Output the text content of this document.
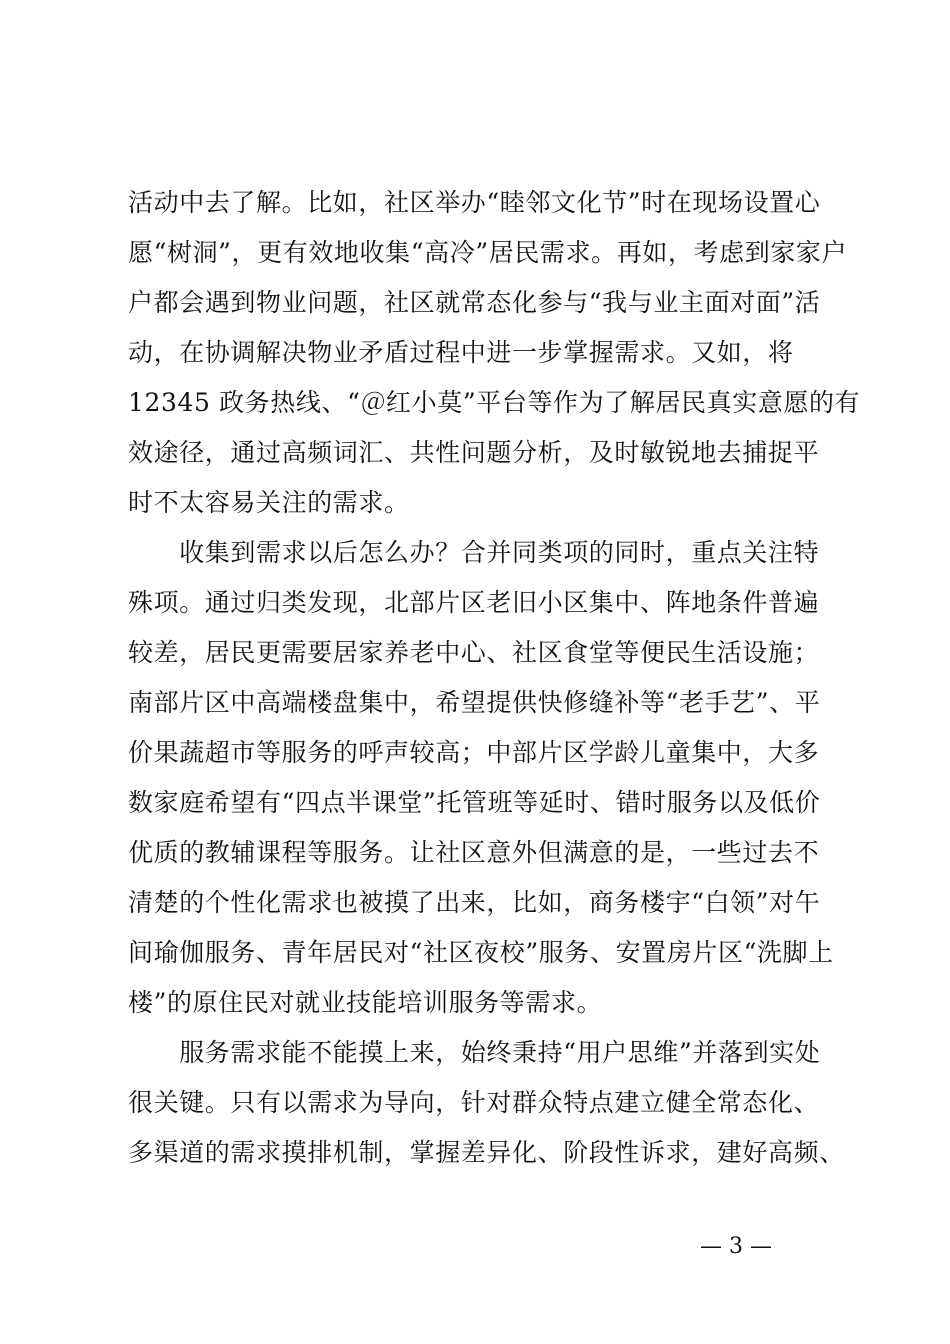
活动中去了解。比如，社区举办“睦邻文化节”时在现场设置心
愿“树洞”，更有效地收集“高冷”居民需求。再如，考虑到家家户
户都会遇到物业问题，社区就常态化参与“我与业主面对面”活
动，在协调解决物业矛盾过程中进一步掌握需求。又如，将
12345 政务热线、“＠红小莫”平台等作为了解居民真实意愿的有
效途径，通过高频词汇、共性问题分析，及时敏锐地去捕捉平
时不太容易关注的需求。
　　收集到需求以后怎么办？合并同类项的同时，重点关注特
殊项。通过归类发现，北部片区老旧小区集中、阵地条件普遍
较差，居民更需要居家养老中心、社区食堂等便民生活设施；
南部片区中高端楼盘集中，希望提供快修缝补等“老手艺”、平
价果蔬超市等服务的呼声较高；中部片区学龄儿童集中，大多
数家庭希望有“四点半课堂”托管班等延时、错时服务以及低价
优质的教辅课程等服务。让社区意外但满意的是，一些过去不
清楚的个性化需求也被摸了出来，比如，商务楼宇“白领”对午
间瑜伽服务、青年居民对“社区夜校”服务、安置房片区“洗脚上
楼”的原住民对就业技能培训服务等需求。
　　服务需求能不能摸上来，始终秉持“用户思维”并落到实处
很关键。只有以需求为导向，针对群众特点建立健全常态化、
多渠道的需求摸排机制，掌握差异化、阶段性诉求，建好高频、
— 3 —
